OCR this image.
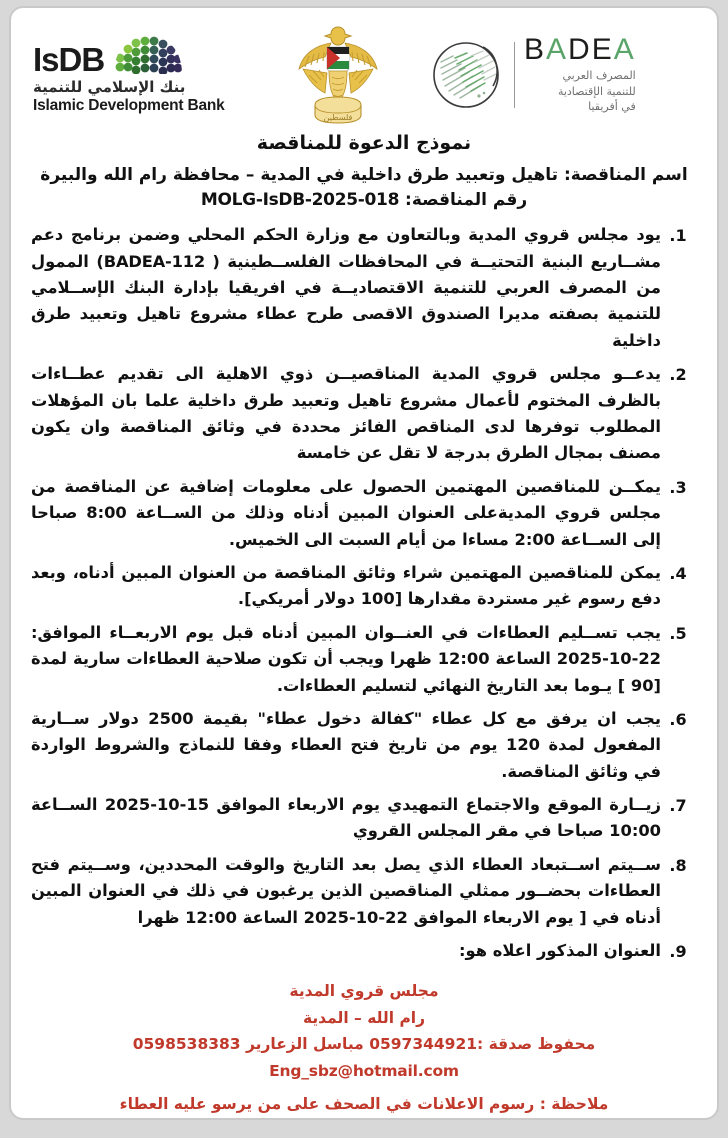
IsDB
بنك الإسلامي للتنمية
Islamic Development Bank
فلسطين
BADEA
المصرف العربي
للتنمية الإقتصادية
في أفريقيا
نموذج الدعوة للمناقصة
اسم المناقصة: تاهيل وتعبيد طرق داخلية في المدية – محافظة رام الله والبيرة
رقم المناقصة: MOLG-IsDB-2025-018
.1
يود مجلس قروي المدية وبالتعاون مع وزارة الحكم المحلي وضمن برنامج دعم مشــاريع البنية التحتيــة في المحافظات الفلســطينية ( BADEA-112) الممول من المصرف العربي للتنمية الاقتصاديــة في افريقيا بإدارة البنك الإســلامي للتنمية بصفته مديرا الصندوق الاقصى طرح عطاء مشروع تاهيل وتعبيد طرق داخلية
.2
يدعــو مجلس قروي المدية المناقصيــن ذوي الاهلية الى تقديم عطــاءات بالظرف المختوم لأعمال مشروع تاهيل وتعبيد طرق داخلية علما بان المؤهلات المطلوب توفرها لدى المناقص الفائز محددة في وثائق المناقصة وان يكون مصنف بمجال الطرق بدرجة لا تقل عن خامسة
.3
يمكــن للمناقصين المهتمين الحصول على معلومات إضافية عن المناقصة من مجلس قروي المديةعلى العنوان المبين أدناه وذلك من الســاعة 8:00 صباحا إلى الســاعة 2:00 مساءا من أيام السبت الى الخميس.
.4
يمكن للمناقصين المهتمين شراء وثائق المناقصة من العنوان المبين أدناه، وبعد دفع رسوم غير مستردة مقدارها [100 دولار أمريكي].
.5
يجب تســليم العطاءات في العنــوان المبين أدناه قبل يوم الاربعــاء الموافق: 22-10-2025 الساعة 12:00 ظهرا ويجب أن تكون صلاحية العطاءات سارية لمدة [90 ] يـوما بعد التاريخ النهائي لتسليم العطاءات.
.6
يجب ان يرفق مع كل عطاء "كفالة دخول عطاء" بقيمة 2500 دولار ســارية المفعول لمدة 120 يوم من تاريخ فتح العطاء وفقا للنماذج والشروط الواردة في وثائق المناقصة.
.7
زيــارة الموقع والاجتماع التمهيدي يوم الاربعاء الموافق 15-10-2025 الســاعة 10:00 صباحا في مقر المجلس القروي
.8
ســيتم اســتبعاد العطاء الذي يصل بعد التاريخ والوقت المحددين، وســيتم فتح العطاءات بحضــور ممثلي المناقصين الذين يرغبون في ذلك في العنوان المبين أدناه في [ يوم الاربعاء الموافق 22-10-2025 الساعة 12:00 ظهرا
.9
العنوان المذكور اعلاه هو:
مجلس قروي المدية
رام الله – المدية
محفوظ صدقة :0597344921 مباسل الزعارير 0598538383
Eng_sbz@hotmail.com
ملاحظة : رسوم الاعلانات في الصحف على من يرسو عليه العطاء
